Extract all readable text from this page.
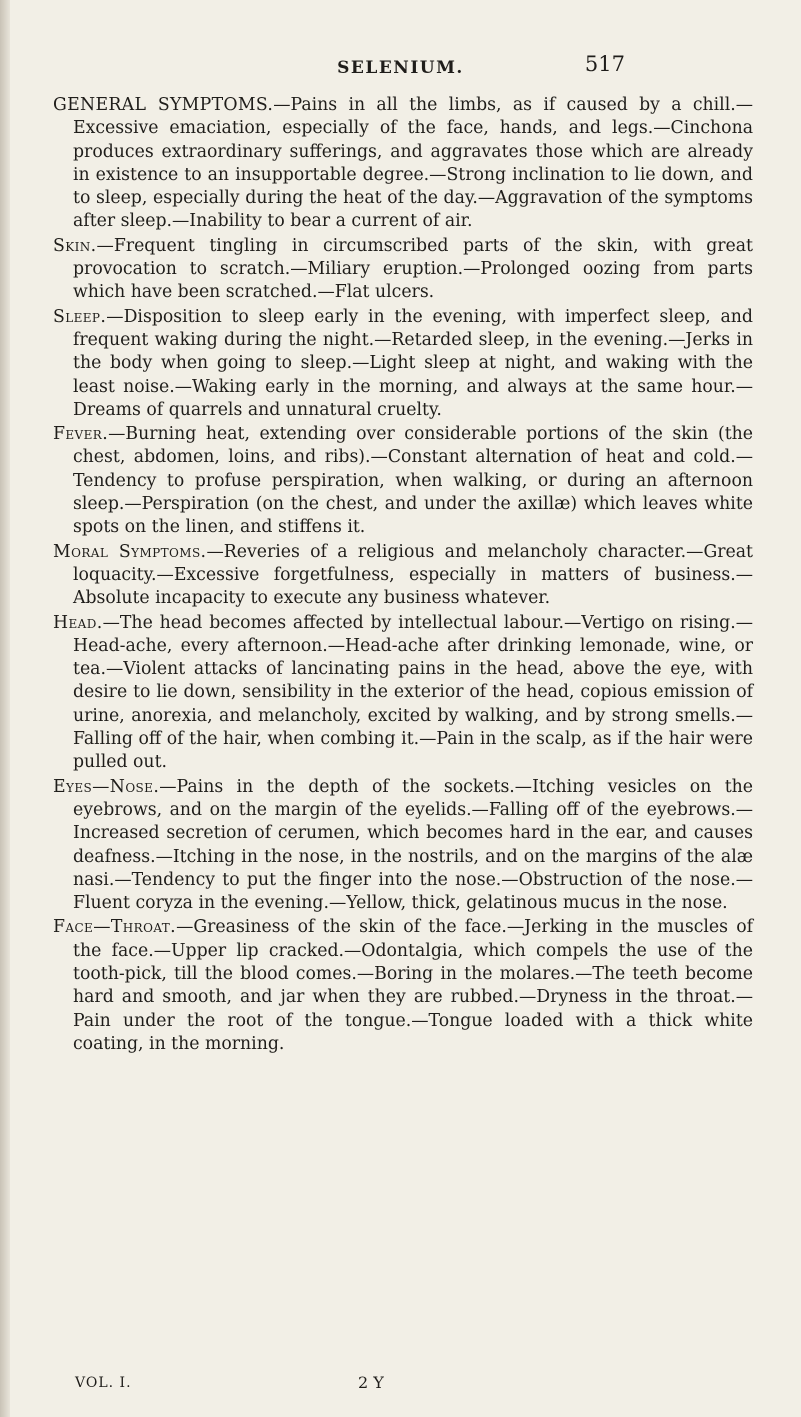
SELENIUM.	517

GENERAL SYMPTOMS.—Pains in all the limbs, as if caused by a chill.—Excessive emaciation, especially of the face, hands, and legs.—Cinchona produces extraordinary sufferings, and aggravates those which are already in existence to an insupportable degree.—Strong inclination to lie down, and to sleep, especially during the heat of the day.—Aggravation of the symptoms after sleep.—Inability to bear a current of air.

Skin.—Frequent tingling in circumscribed parts of the skin, with great provocation to scratch.—Miliary eruption.—Prolonged oozing from parts which have been scratched.—Flat ulcers.

Sleep.—Disposition to sleep early in the evening, with imperfect sleep, and frequent waking during the night.—Retarded sleep, in the evening.—Jerks in the body when going to sleep.—Light sleep at night, and waking with the least noise.—Waking early in the morning, and always at the same hour.—Dreams of quarrels and unnatural cruelty.

Fever.—Burning heat, extending over considerable portions of the skin (the chest, abdomen, loins, and ribs).—Constant alternation of heat and cold.—Tendency to profuse perspiration, when walking, or during an afternoon sleep.—Perspiration (on the chest, and under the axillæ) which leaves white spots on the linen, and stiffens it.

Moral Symptoms.—Reveries of a religious and melancholy character.—Great loquacity.—Excessive forgetfulness, especially in matters of business.—Absolute incapacity to execute any business whatever.

Head.—The head becomes affected by intellectual labour.—Vertigo on rising.—Head-ache, every afternoon.—Head-ache after drinking lemonade, wine, or tea.—Violent attacks of lancinating pains in the head, above the eye, with desire to lie down, sensibility in the exterior of the head, copious emission of urine, anorexia, and melancholy, excited by walking, and by strong smells.—Falling off of the hair, when combing it.—Pain in the scalp, as if the hair were pulled out.

Eyes—Nose.—Pains in the depth of the sockets.—Itching vesicles on the eyebrows, and on the margin of the eyelids.—Falling off of the eyebrows.—Increased secretion of cerumen, which becomes hard in the ear, and causes deafness.—Itching in the nose, in the nostrils, and on the margins of the alæ nasi.—Tendency to put the finger into the nose.—Obstruction of the nose.—Fluent coryza in the evening.—Yellow, thick, gelatinous mucus in the nose.

Face—Throat.—Greasiness of the skin of the face.—Jerking in the muscles of the face.—Upper lip cracked.—Odontalgia, which compels the use of the tooth-pick, till the blood comes.—Boring in the molares.—The teeth become hard and smooth, and jar when they are rubbed.—Dryness in the throat.—Pain under the root of the tongue.—Tongue loaded with a thick white coating, in the morning.

VOL. I.	2 Y
